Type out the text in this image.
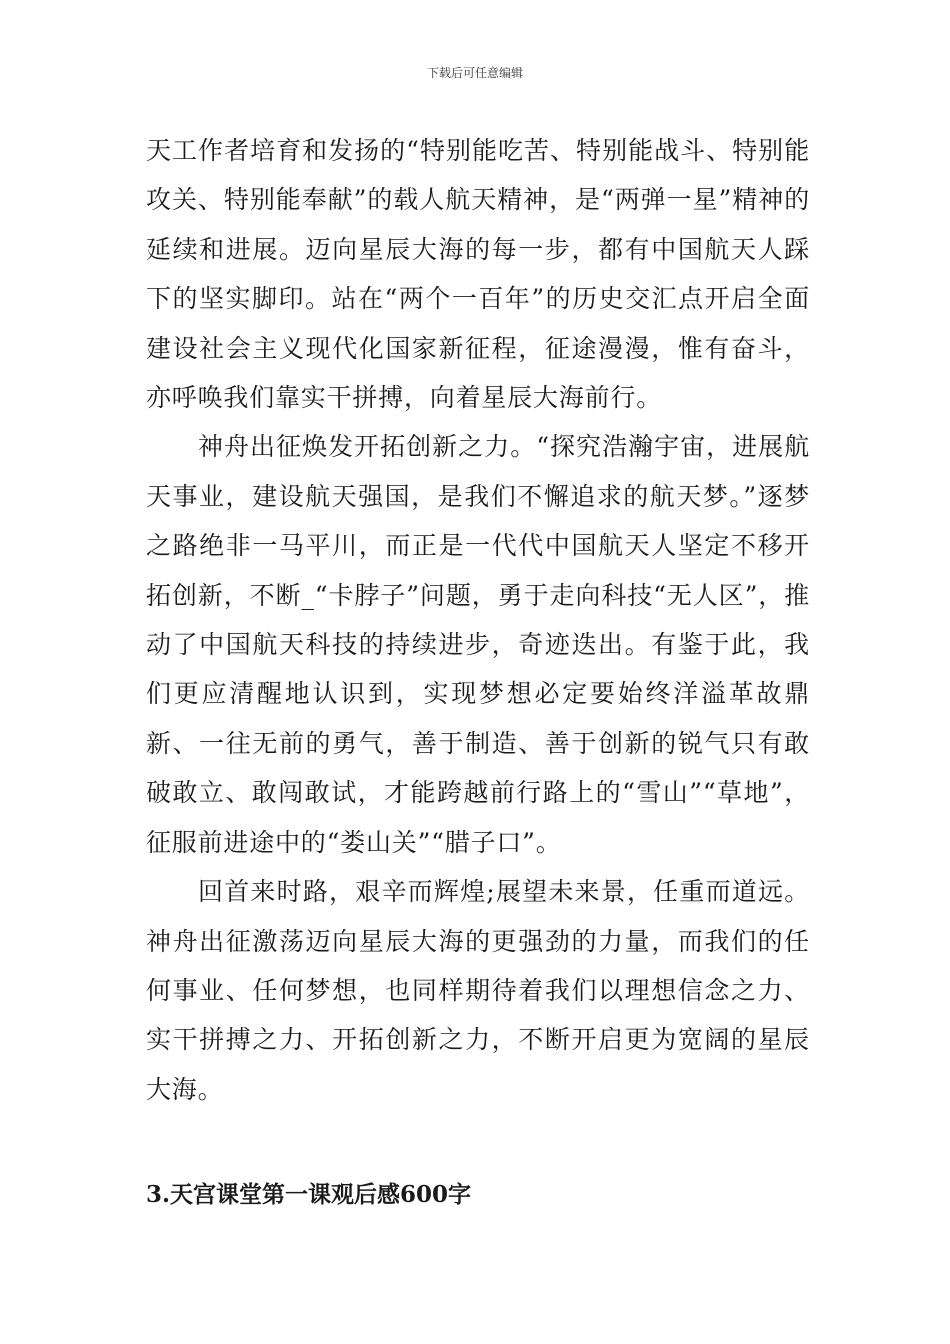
下载后可任意编辑

天工作者培育和发扬的“特别能吃苦、特别能战斗、特别能攻关、特别能奉献”的载人航天精神，是“两弹一星”精神的延续和进展。迈向星辰大海的每一步，都有中国航天人踩下的坚实脚印。站在“两个一百年”的历史交汇点开启全面建设社会主义现代化国家新征程，征途漫漫，惟有奋斗，亦呼唤我们靠实干拼搏，向着星辰大海前行。

神舟出征焕发开拓创新之力。“探究浩瀚宇宙，进展航天事业，建设航天强国，是我们不懈追求的航天梦。”逐梦之路绝非一马平川，而正是一代代中国航天人坚定不移开拓创新，不断_“卡脖子”问题，勇于走向科技“无人区”，推动了中国航天科技的持续进步，奇迹迭出。有鉴于此，我们更应清醒地认识到，实现梦想必定要始终洋溢革故鼎新、一往无前的勇气，善于制造、善于创新的锐气只有敢破敢立、敢闯敢试，才能跨越前行路上的“雪山”“草地”，征服前进途中的“娄山关”“腊子口”。

回首来时路，艰辛而辉煌;展望未来景，任重而道远。神舟出征激荡迈向星辰大海的更强劲的力量，而我们的任何事业、任何梦想，也同样期待着我们以理想信念之力、实干拼搏之力、开拓创新之力，不断开启更为宽阔的星辰大海。

3.天宫课堂第一课观后感600字
